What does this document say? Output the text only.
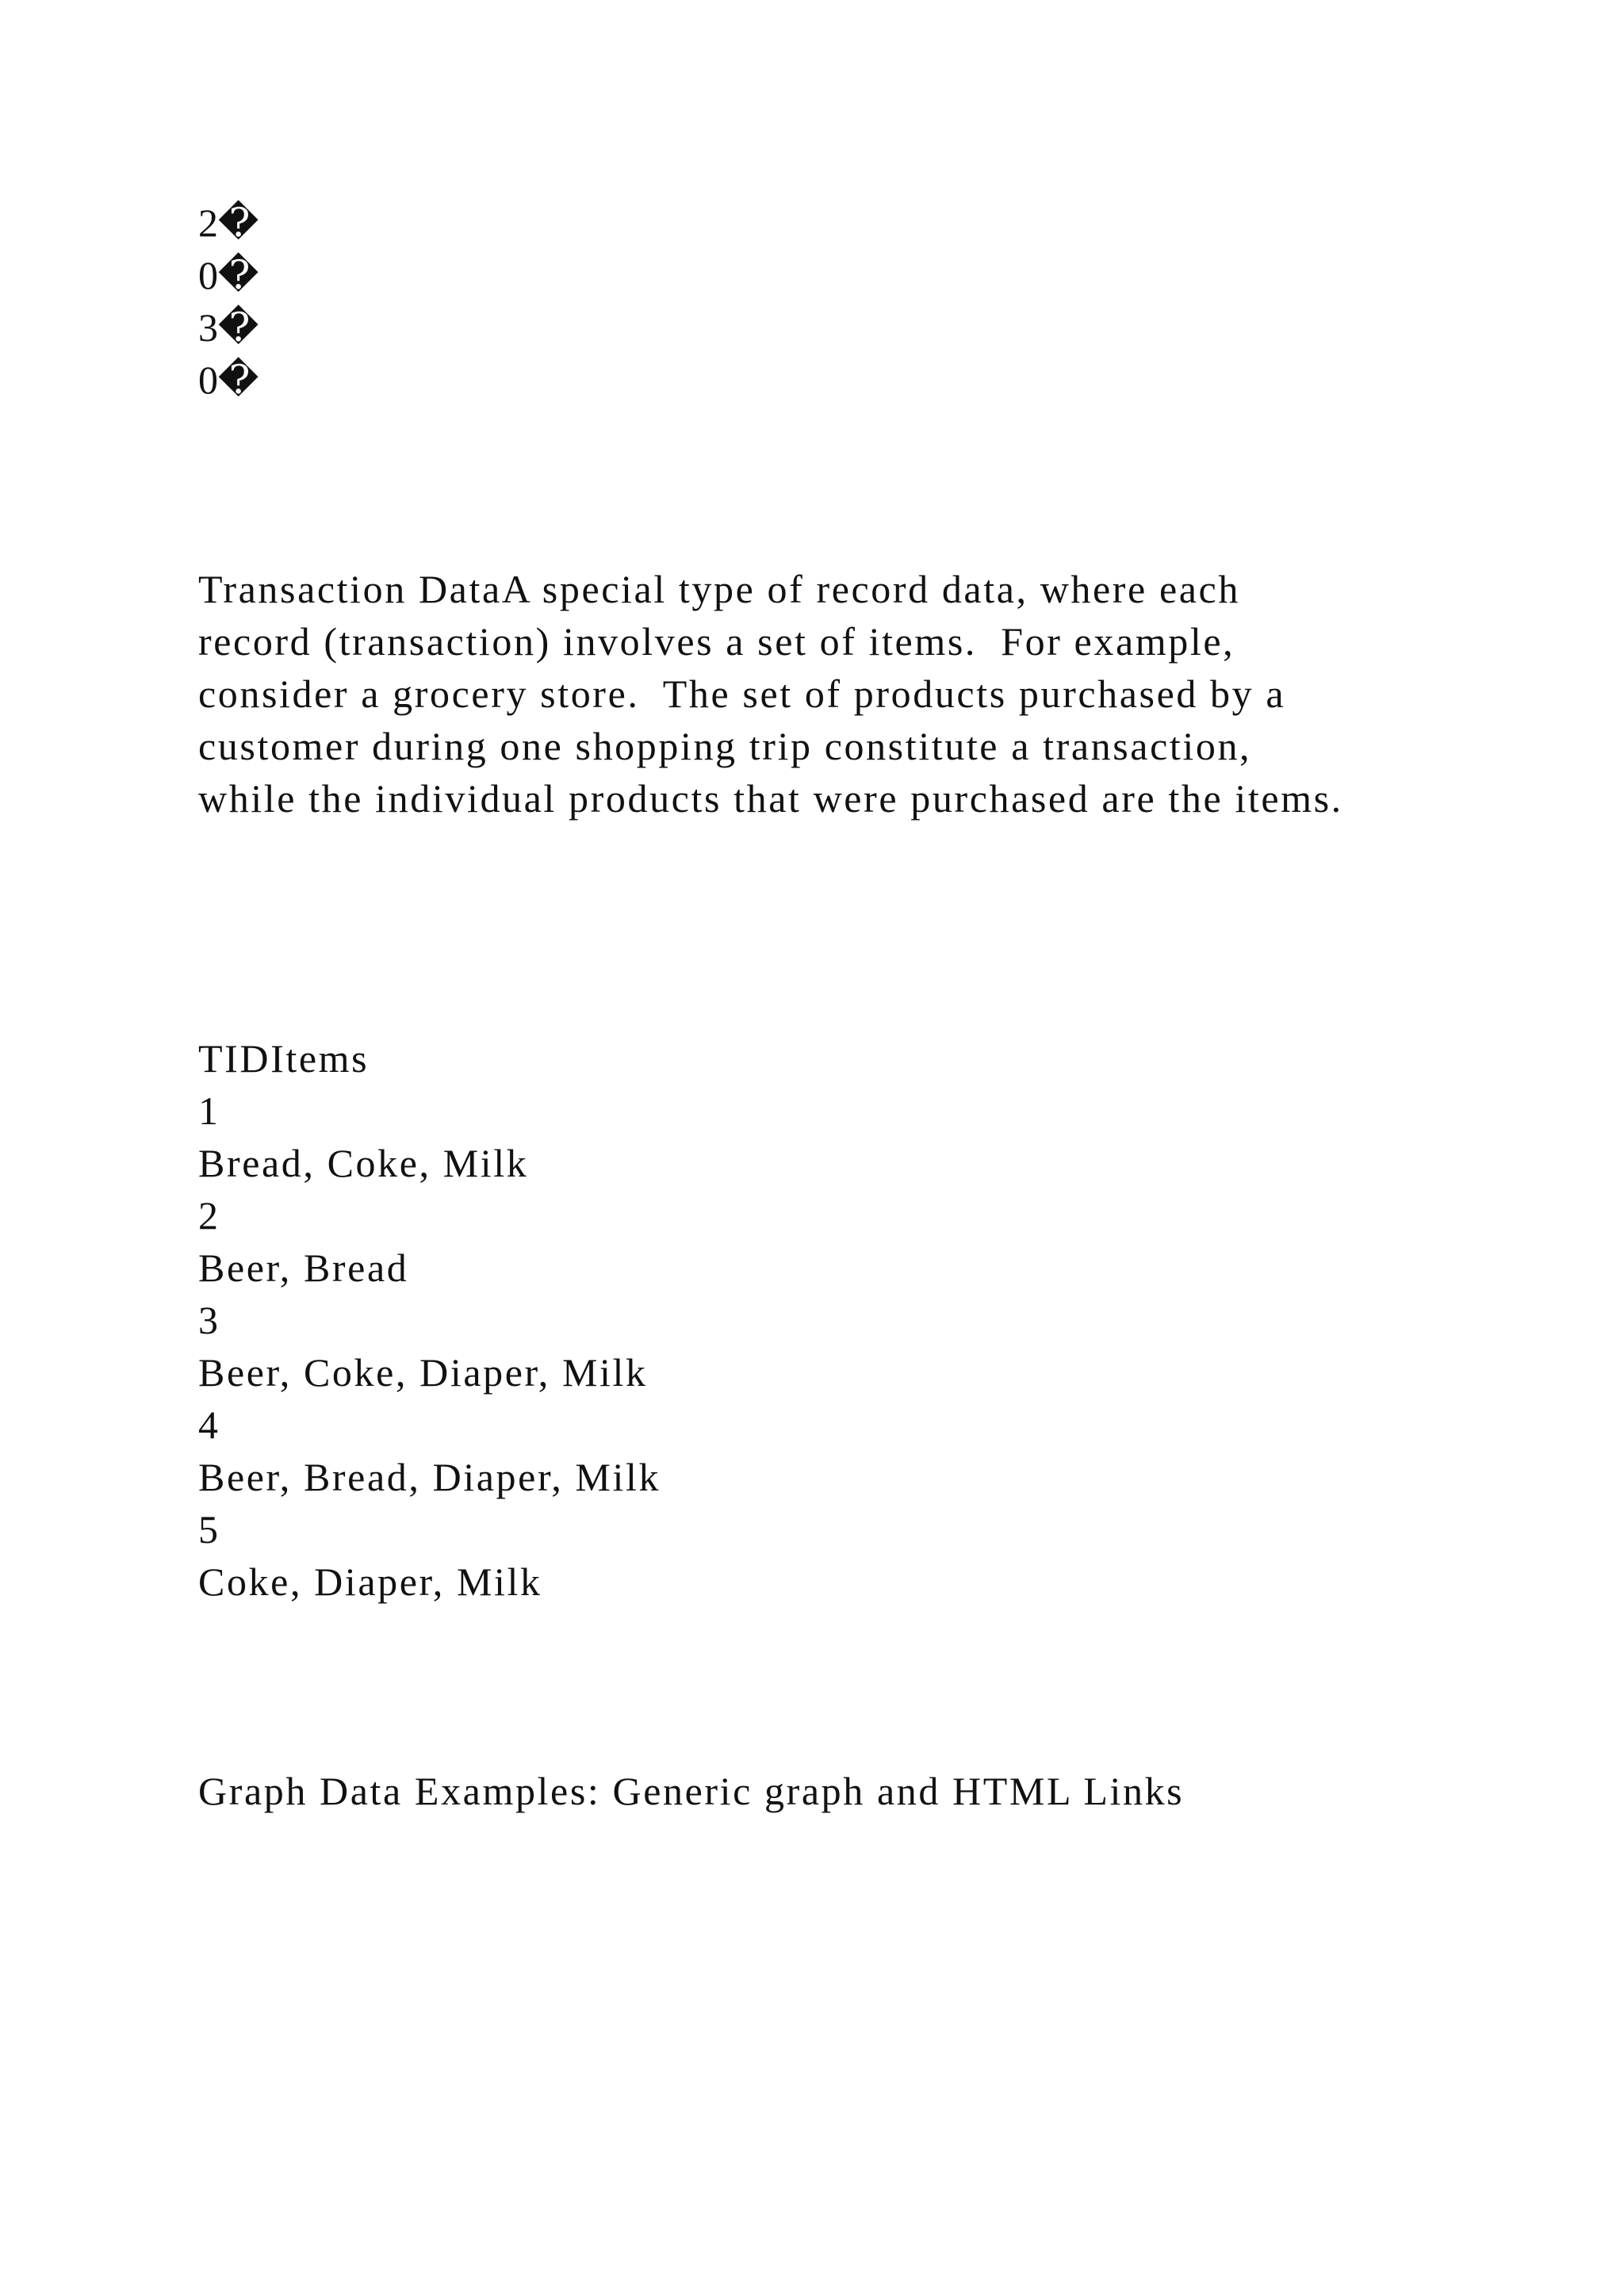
2�
0�
3�
0�
Transaction DataA special type of record data, where each
record (transaction) involves a set of items.  For example,
consider a grocery store.  The set of products purchased by a
customer during one shopping trip constitute a transaction,
while the individual products that were purchased are the items.
TIDItems
1
Bread, Coke, Milk
2
Beer, Bread
3
Beer, Coke, Diaper, Milk
4
Beer, Bread, Diaper, Milk
5
Coke, Diaper, Milk
Graph Data Examples: Generic graph and HTML Links
